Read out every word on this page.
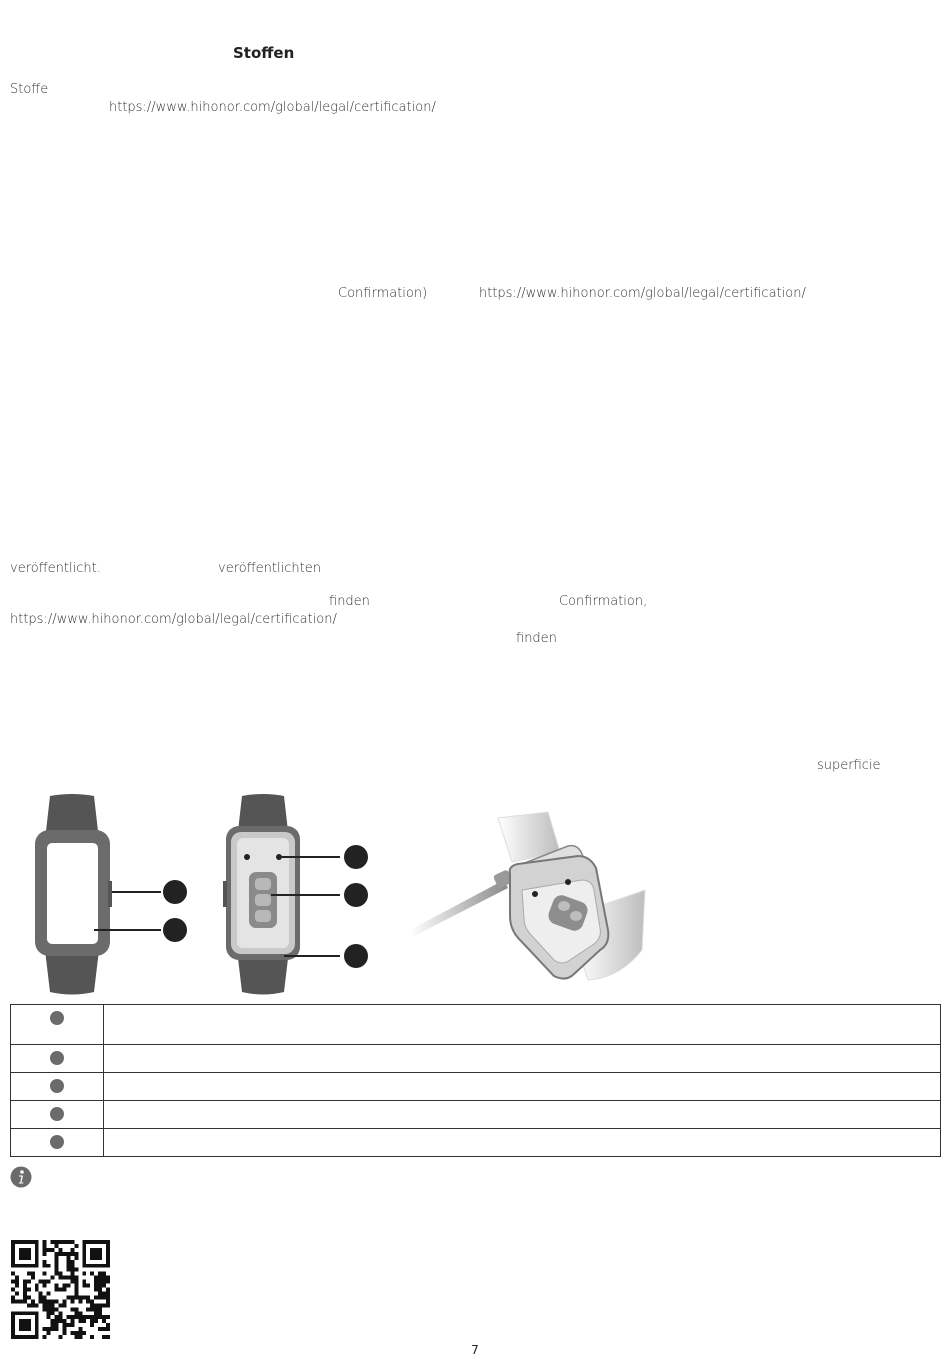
Stoffen
Stoffe
https://www.hihonor.com/global/legal/certification/
Confirmation)	https://www.hihonor.com/global/legal/certification/
veröffentlicht.	veröffentlichten
finden	Confirmation,
https://www.hihonor.com/global/legal/certification/
finden
superficie

7
